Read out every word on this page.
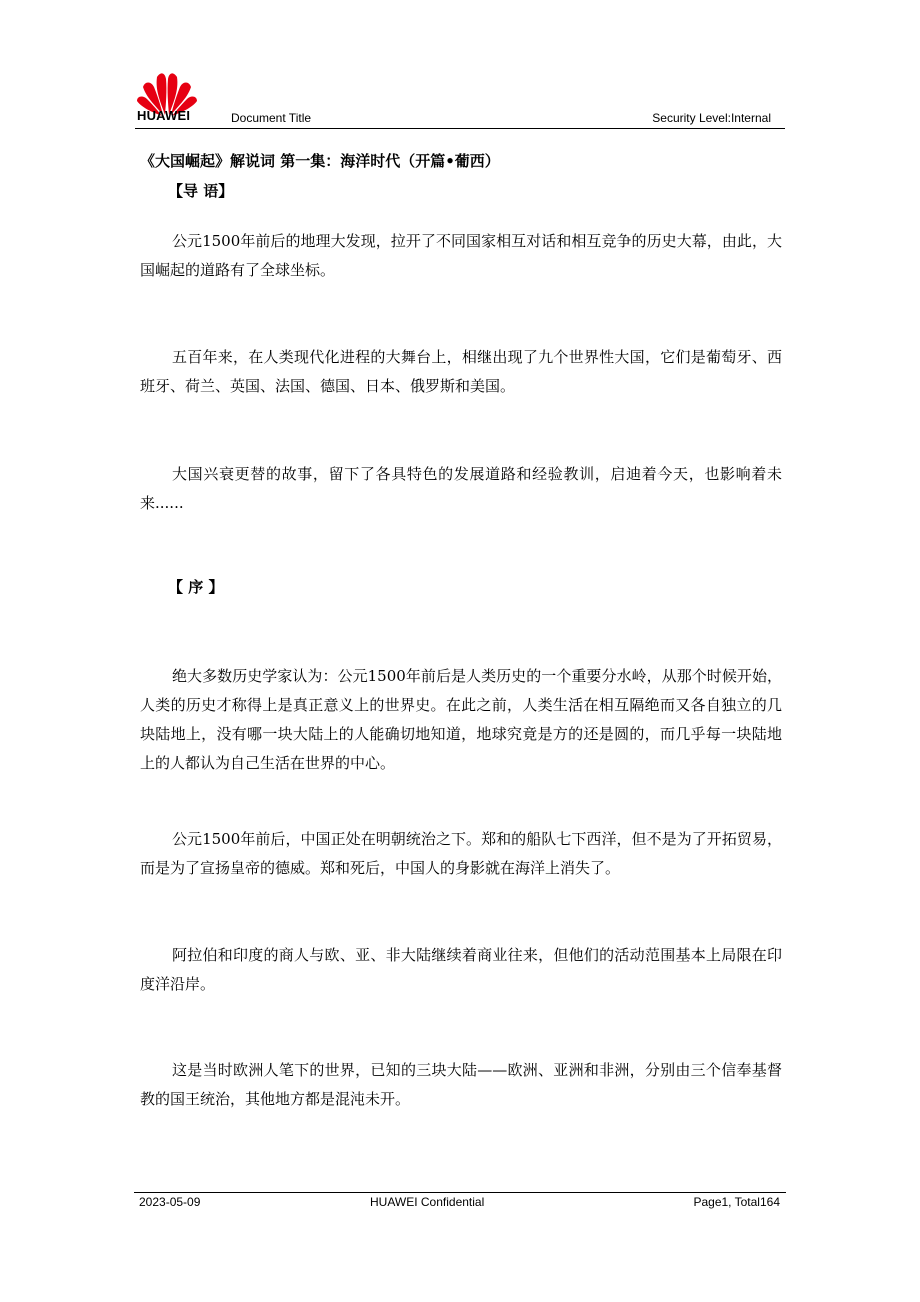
HUAWEI	Document Title	Security Level:Internal
《大国崛起》解说词 第一集：海洋时代（开篇•葡西）
【导 语】

公元1500年前后的地理大发现，拉开了不同国家相互对话和相互竞争的历史大幕，由此，大国崛起的道路有了全球坐标。

五百年来，在人类现代化进程的大舞台上，相继出现了九个世界性大国，它们是葡萄牙、西班牙、荷兰、英国、法国、德国、日本、俄罗斯和美国。

大国兴衰更替的故事，留下了各具特色的发展道路和经验教训，启迪着今天，也影响着未来......

【 序 】

绝大多数历史学家认为：公元1500年前后是人类历史的一个重要分水岭，从那个时候开始，人类的历史才称得上是真正意义上的世界史。在此之前，人类生活在相互隔绝而又各自独立的几块陆地上，没有哪一块大陆上的人能确切地知道，地球究竟是方的还是圆的，而几乎每一块陆地上的人都认为自己生活在世界的中心。

公元1500年前后，中国正处在明朝统治之下。郑和的船队七下西洋，但不是为了开拓贸易，而是为了宣扬皇帝的德威。郑和死后，中国人的身影就在海洋上消失了。

阿拉伯和印度的商人与欧、亚、非大陆继续着商业往来，但他们的活动范围基本上局限在印度洋沿岸。

这是当时欧洲人笔下的世界，已知的三块大陆——欧洲、亚洲和非洲，分别由三个信奉基督教的国王统治，其他地方都是混沌未开。

2023-05-09	HUAWEI Confidential	Page1, Total164
